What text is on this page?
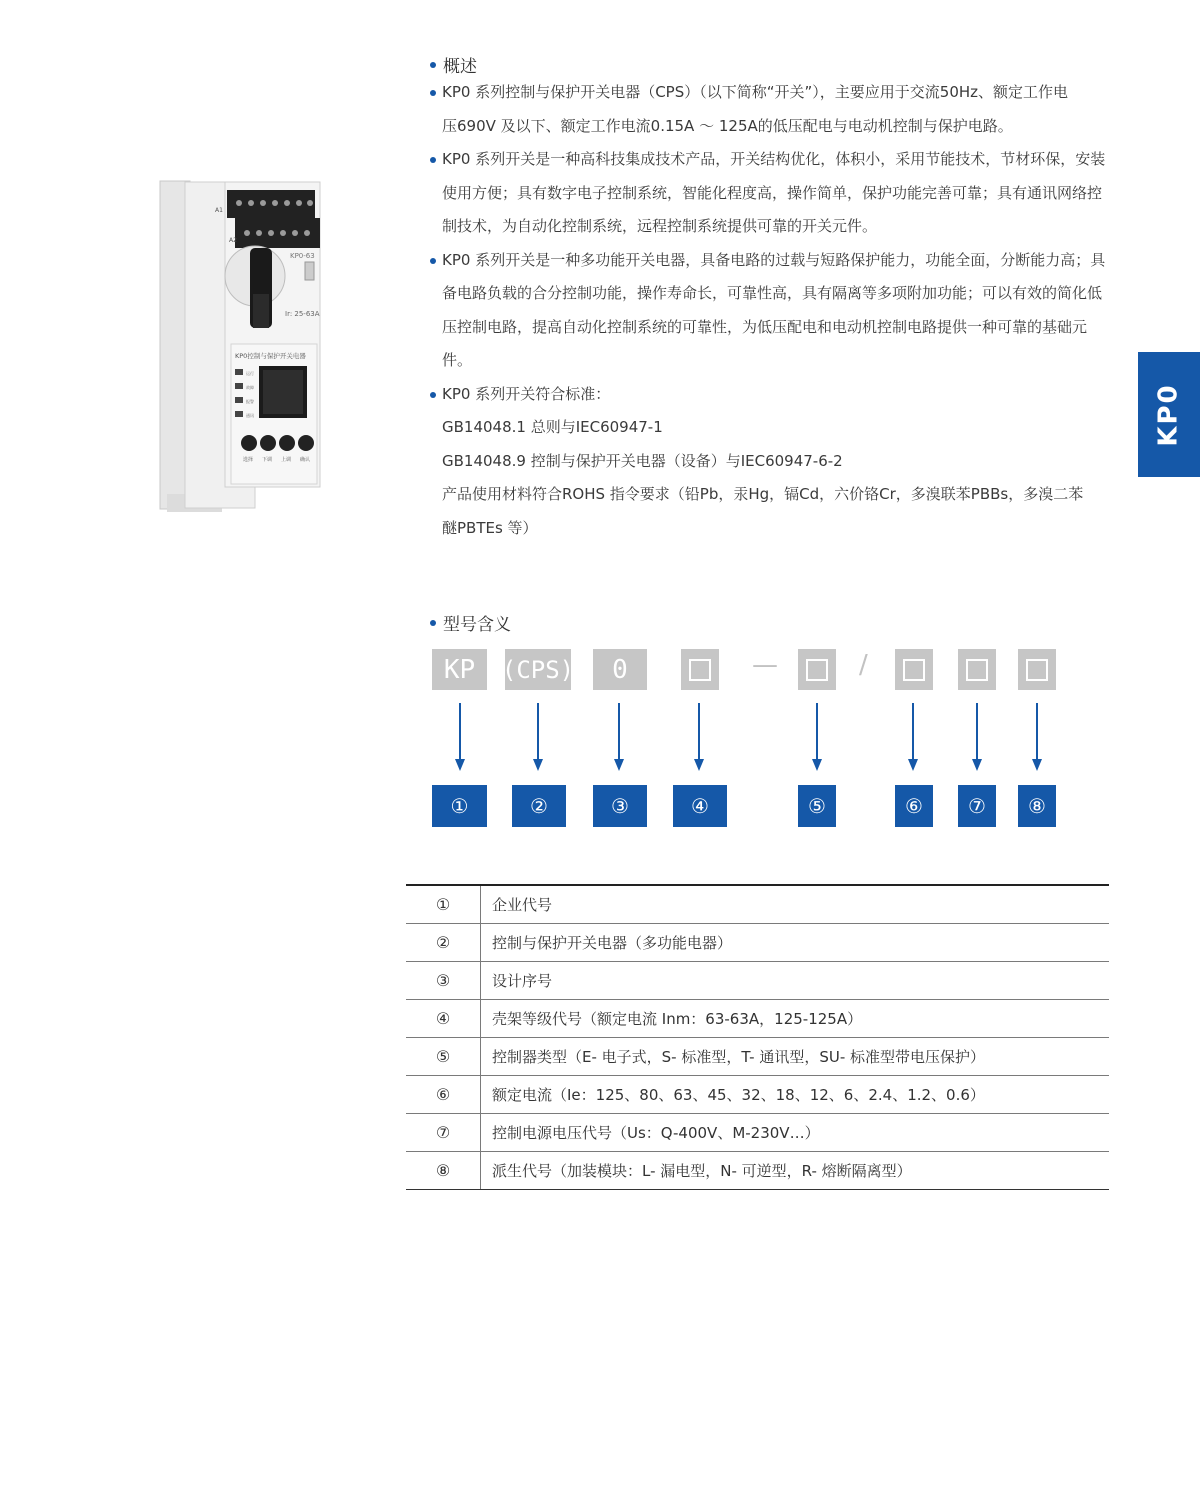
A1
A2
KP0-63
Ir: 25-63A
KP0控制与保护开关电器
运行
故障
报警
通讯
选择 下调 上调 确认
概述
KP0 系列控制与保护开关电器（CPS）（以下简称“开关”），主要应用于交流50Hz、额定工作电
压690V 及以下、额定工作电流0.15A ～ 125A的低压配电与电动机控制与保护电路。
KP0 系列开关是一种高科技集成技术产品，开关结构优化，体积小，采用节能技术，节材环保，安装
使用方便；具有数字电子控制系统，智能化程度高，操作简单，保护功能完善可靠；具有通讯网络控
制技术，为自动化控制系统，远程控制系统提供可靠的开关元件。
KP0 系列开关是一种多功能开关电器，具备电路的过载与短路保护能力，功能全面，分断能力高；具
备电路负载的合分控制功能，操作寿命长，可靠性高，具有隔离等多项附加功能；可以有效的简化低
压控制电路，提高自动化控制系统的可靠性，为低压配电和电动机控制电路提供一种可靠的基础元
件。
KP0 系列开关符合标准：
GB14048.1 总则与IEC60947-1
GB14048.9 控制与保护开关电器（设备）与IEC60947-6-2
产品使用材料符合ROHS 指令要求（铅Pb，汞Hg，镉Cd，六价铬Cr，多溴联苯PBBs，多溴二苯
醚PBTEs 等）
KP0
型号含义
KP (CPS) 0	—	/
①	②	③	④	⑤	⑥	⑦	⑧
①	企业代号
②	控制与保护开关电器（多功能电器）
③	设计序号
④	壳架等级代号（额定电流 Inm：63-63A，125-125A）
⑤	控制器类型（E- 电子式，S- 标准型，T- 通讯型，SU- 标准型带电压保护）
⑥	额定电流（Ie：125、80、63、45、32、18、12、6、2.4、1.2、0.6）
⑦	控制电源电压代号（Us：Q-400V、M-230V…）
⑧	派生代号（加装模块：L- 漏电型，N- 可逆型，R- 熔断隔离型）
